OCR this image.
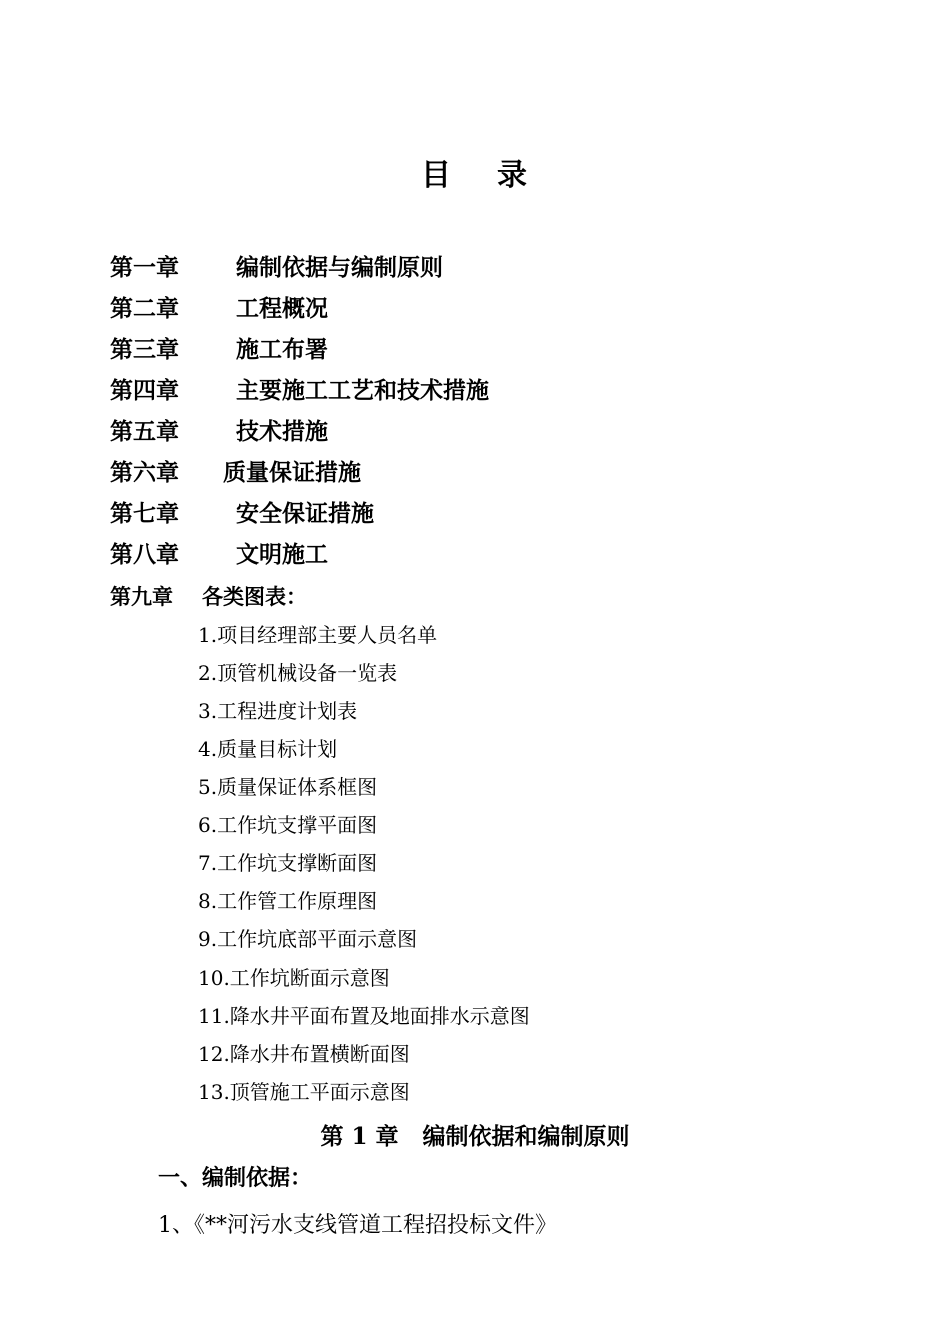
目 录
第一章 编制依据与编制原则
第二章 工程概况
第三章 施工布署
第四章 主要施工工艺和技术措施
第五章 技术措施
第六章 质量保证措施
第七章 安全保证措施
第八章 文明施工
第九章 各类图表：
1.项目经理部主要人员名单
2.顶管机械设备一览表
3.工程进度计划表
4.质量目标计划
5.质量保证体系框图
6.工作坑支撑平面图
7.工作坑支撑断面图
8.工作管工作原理图
9.工作坑底部平面示意图
10.工作坑断面示意图
11.降水井平面布置及地面排水示意图
12.降水井布置横断面图
13.顶管施工平面示意图
第 1 章 编制依据和编制原则
一、编制依据：
1、《**河污水支线管道工程招投标文件》
